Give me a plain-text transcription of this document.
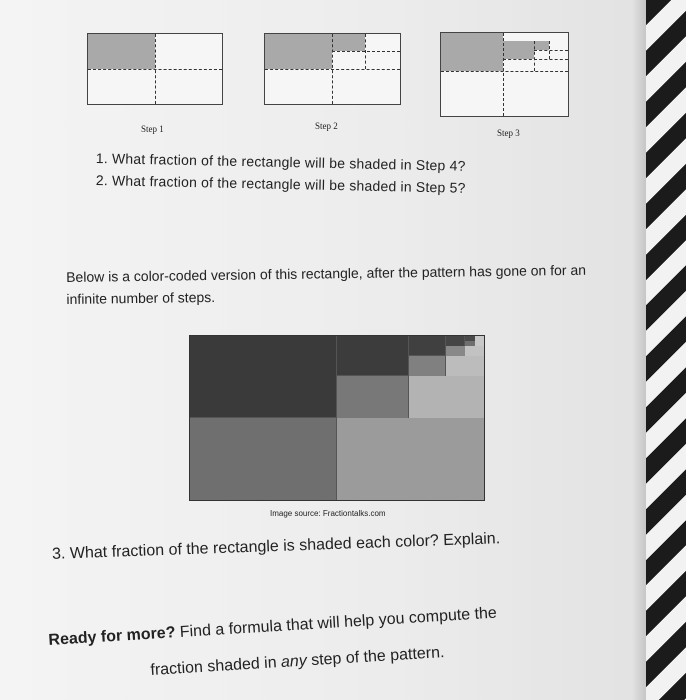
Step 1	Step 2
Step 3
1. What fraction of the rectangle will be shaded in Step 4?
2. What fraction of the rectangle will be shaded in Step 5?
Below is a color-coded version of this rectangle, after the pattern has gone on for an infinite number of steps.
Image source: Fractiontalks.com
3. What fraction of the rectangle is shaded each color? Explain.
Ready for more? Find a formula that will help you compute the
fraction shaded in any step of the pattern.
